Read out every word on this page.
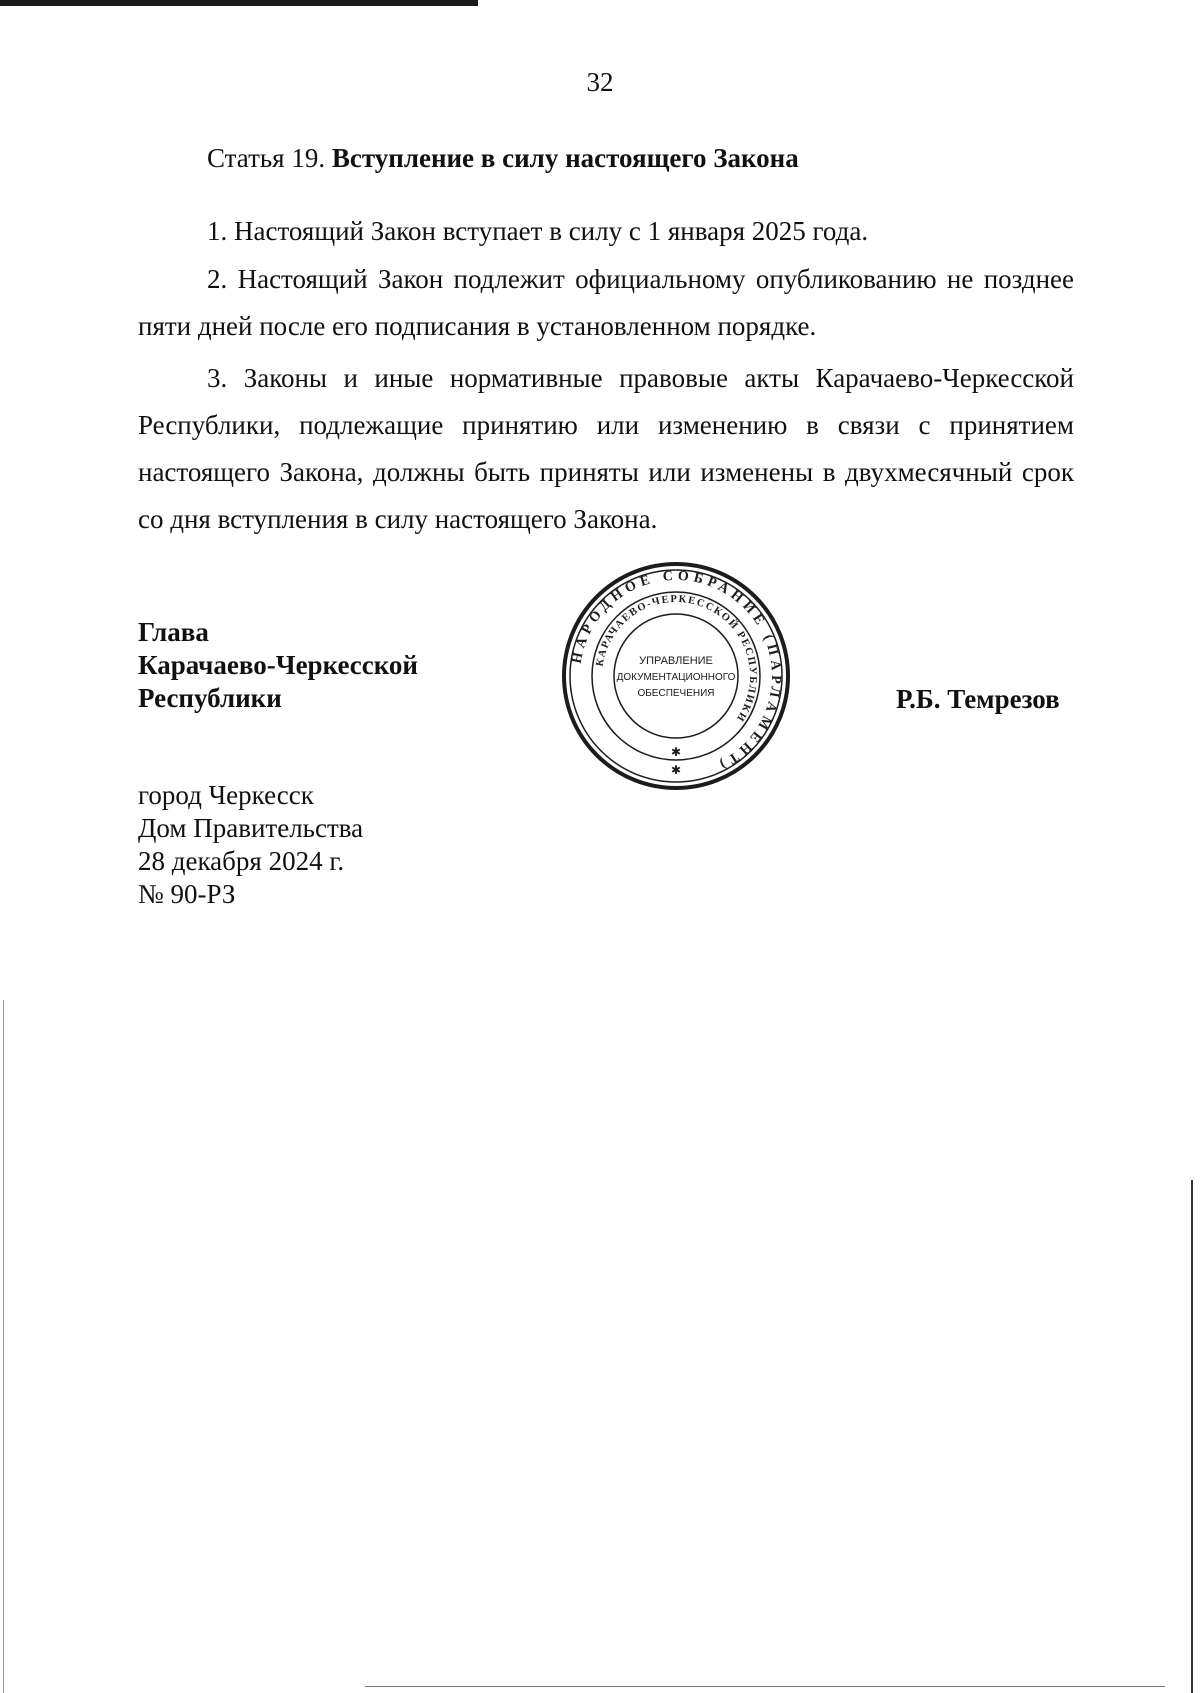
32
Статья 19. Вступление в силу настоящего Закона

1. Настоящий Закон вступает в силу с 1 января 2025 года.

2. Настоящий Закон подлежит официальному опубликованию не позднее пяти дней после его подписания в установленном порядке.

3. Законы и иные нормативные правовые акты Карачаево-Черкесской Республики, подлежащие принятию или изменению в связи с принятием настоящего Закона, должны быть приняты или изменены в двухмесячный срок со дня вступления в силу настоящего Закона.

Глава
Карачаево-Черкесской
Республики
НАРОДНОЕ СОБРАНИЕ (ПАРЛАМЕНТ)
КАРАЧАЕВО-ЧЕРКЕССКОЙ РЕСПУБЛИКИ
УПРАВЛЕНИЕ
ДОКУМЕНТАЦИОННОГО
ОБЕСПЕЧЕНИЯ
✱
✱
Р.Б. Темрезов
город Черкесск
Дом Правительства
28 декабря 2024 г.
№ 90-РЗ
